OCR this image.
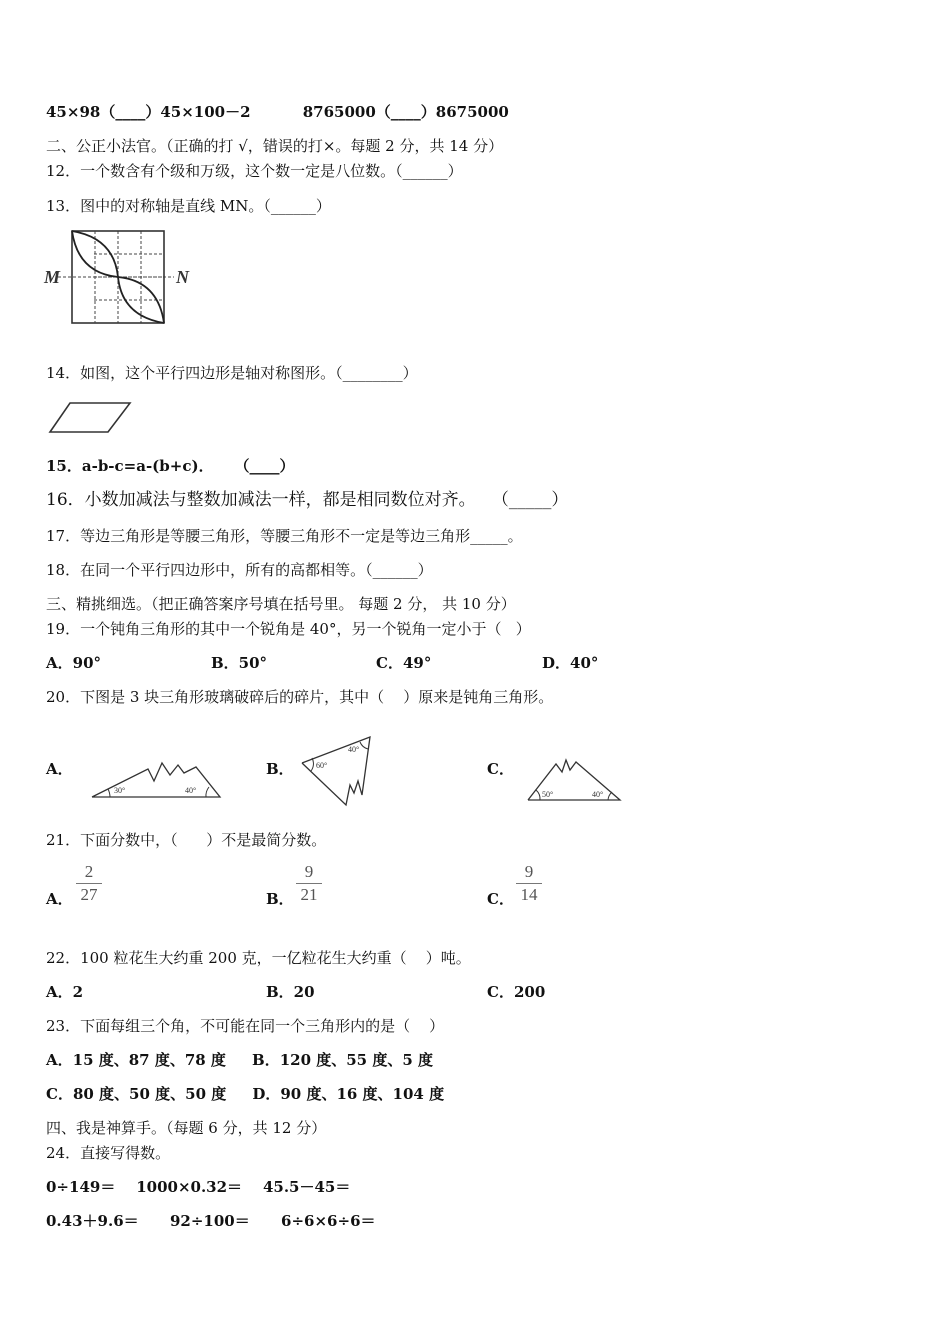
45×98（____）45×100－2          8765000（____）8675000
二、公正小法官。（正确的打 √，错误的打×。每题 2 分，共 14 分）
12．一个数含有个级和万级，这个数一定是八位数。（______）
13．图中的对称轴是直线 MN。（______）
M	N
14．如图，这个平行四边形是轴对称图形。（________）
15．a-b-c=a-(b+c)．    （____）
16．小数加减法与整数加减法一样，都是相同数位对齐。   （_____）
17．等边三角形是等腰三角形，等腰三角形不一定是等边三角形_____。
18．在同一个平行四边形中，所有的高都相等。（______）
三、精挑细选。（把正确答案序号填在括号里。 每题 2 分， 共 10 分）
19．一个钝角三角形的其中一个锐角是 40°，另一个锐角一定小于（   ）
A．90°	B．50°	C．49°	D．40°
20．下图是 3 块三角形玻璃破碎后的碎片，其中（    ）原来是钝角三角形。
A．
30°	40°
B．
40°
60°	C．
50°	40°
21．下面分数中，（      ）不是最简分数。
A．
2
27	B．
9
21	C．
9
14
22．100 粒花生大约重 200 克，一亿粒花生大约重（    ）吨。
A．2	B．20	C．200
23．下面每组三个角，不可能在同一个三角形内的是（    ）
A．15 度、87 度、78 度     B．120 度、55 度、5 度
C．80 度、50 度、50 度     D．90 度、16 度、104 度
四、我是神算手。（每题 6 分，共 12 分）
24．直接写得数。
0÷149＝    1000×0.32＝    45.5－45＝
0.43＋9.6＝      92÷100＝      6÷6×6÷6＝
